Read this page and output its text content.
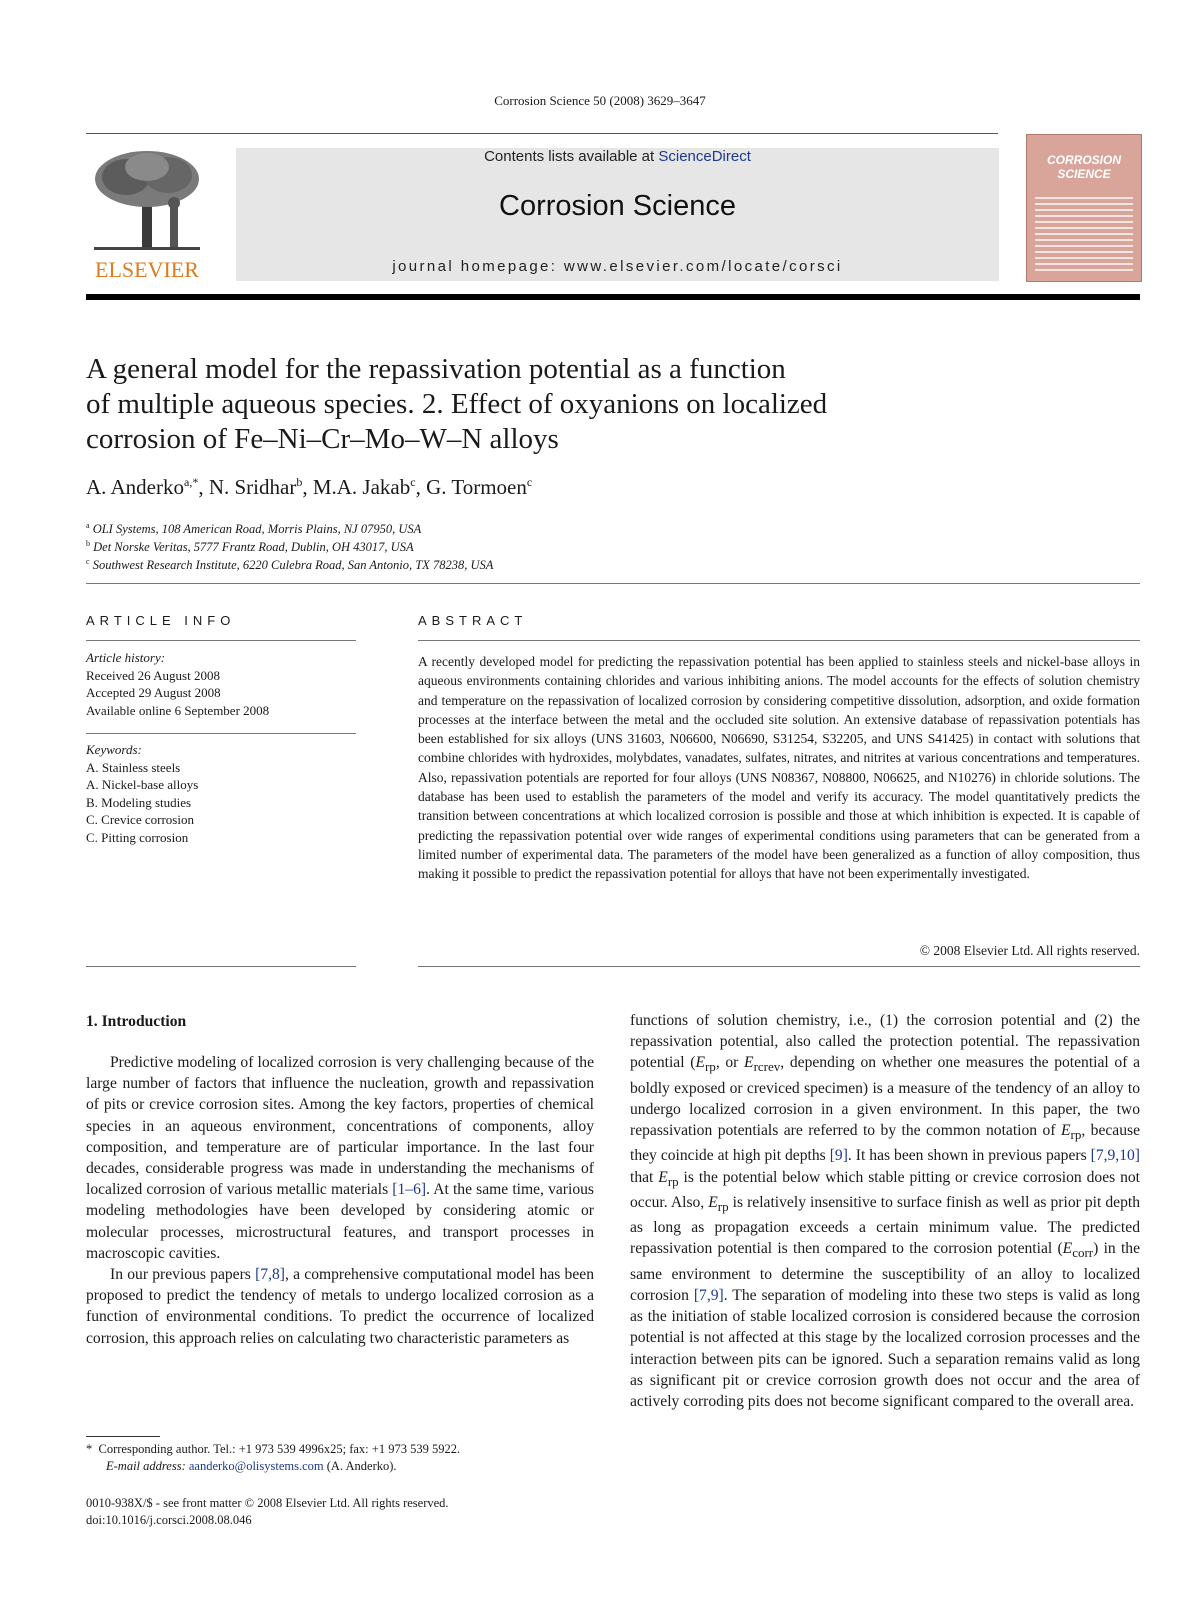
Corrosion Science 50 (2008) 3629–3647
ELSEVIER
Contents lists available at ScienceDirect
Corrosion Science
journal homepage: www.elsevier.com/locate/corsci
CORROSION SCIENCE
A general model for the repassivation potential as a function
of multiple aqueous species. 2. Effect of oxyanions on localized
corrosion of Fe–Ni–Cr–Mo–W–N alloys
A. Anderko$^{a,*}$, N. Sridhar$^b$, M.A. Jakab$^c$, G. Tormoen$^c$
$^a$ OLI Systems, 108 American Road, Morris Plains, NJ 07950, USA
$^b$ Det Norske Veritas, 5777 Frantz Road, Dublin, OH 43017, USA
$^c$ Southwest Research Institute, 6220 Culebra Road, San Antonio, TX 78238, USA
ARTICLE INFO
Article history:
Received 26 August 2008
Accepted 29 August 2008
Available online 6 September 2008
Keywords:
A. Stainless steels
A. Nickel-base alloys
B. Modeling studies
C. Crevice corrosion
C. Pitting corrosion
ABSTRACT
A recently developed model for predicting the repassivation potential has been applied to stainless steels and nickel-base alloys in aqueous environments containing chlorides and various inhibiting anions. The model accounts for the effects of solution chemistry and temperature on the repassivation of localized corrosion by considering competitive dissolution, adsorption, and oxide formation processes at the interface between the metal and the occluded site solution. An extensive database of repassivation potentials has been established for six alloys (UNS 31603, N06600, N06690, S31254, S32205, and UNS S41425) in contact with solutions that combine chlorides with hydroxides, molybdates, vanadates, sulfates, nitrates, and nitrites at various concentrations and temperatures. Also, repassivation potentials are reported for four alloys (UNS N08367, N08800, N06625, and N10276) in chloride solutions. The database has been used to establish the parameters of the model and verify its accuracy. The model quantitatively predicts the transition between concentrations at which localized corrosion is possible and those at which inhibition is expected. It is capable of predicting the repassivation potential over wide ranges of experimental conditions using parameters that can be generated from a limited number of experimental data. The parameters of the model have been generalized as a function of alloy composition, thus making it possible to predict the repassivation potential for alloys that have not been experimentally investigated.
© 2008 Elsevier Ltd. All rights reserved.
1. Introduction

Predictive modeling of localized corrosion is very challenging because of the large number of factors that influence the nucleation, growth and repassivation of pits or crevice corrosion sites. Among the key factors, properties of chemical species in an aqueous environment, concentrations of components, alloy composition, and temperature are of particular importance. In the last four decades, considerable progress was made in understanding the mechanisms of localized corrosion of various metallic materials [1–6]. At the same time, various modeling methodologies have been developed by considering atomic or molecular processes, microstructural features, and transport processes in macroscopic cavities.

In our previous papers [7,8], a comprehensive computational model has been proposed to predict the tendency of metals to undergo localized corrosion as a function of environmental conditions. To predict the occurrence of localized corrosion, this approach relies on calculating two characteristic parameters as

functions of solution chemistry, i.e., (1) the corrosion potential and (2) the repassivation potential, also called the protection potential. The repassivation potential ($E_{rp}$, or $E_{rcrev}$, depending on whether one measures the potential of a boldly exposed or creviced specimen) is a measure of the tendency of an alloy to undergo localized corrosion in a given environment. In this paper, the two repassivation potentials are referred to by the common notation of $E_{rp}$, because they coincide at high pit depths [9]. It has been shown in previous papers [7,9,10] that $E_{rp}$ is the potential below which stable pitting or crevice corrosion does not occur. Also, $E_{rp}$ is relatively insensitive to surface finish as well as prior pit depth as long as propagation exceeds a certain minimum value. The predicted repassivation potential is then compared to the corrosion potential $(E_{corr})$ in the same environment to determine the susceptibility of an alloy to localized corrosion [7,9]. The separation of modeling into these two steps is valid as long as the initiation of stable localized corrosion is considered because the corrosion potential is not affected at this stage by the localized corrosion processes and the interaction between pits can be ignored. Such a separation remains valid as long as significant pit or crevice corrosion growth does not occur and the area of actively corroding pits does not become significant compared to the overall area.

* Corresponding author. Tel.: +1 973 539 4996x25; fax: +1 973 539 5922.
E-mail address: aanderko@olisystems.com (A. Anderko).
0010-938X/$ - see front matter © 2008 Elsevier Ltd. All rights reserved.
doi:10.1016/j.corsci.2008.08.046
